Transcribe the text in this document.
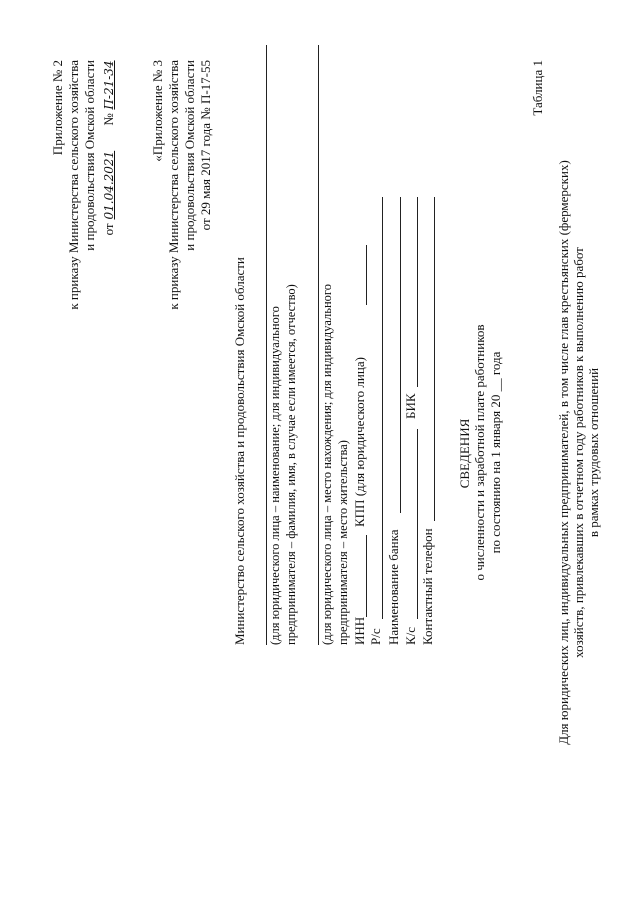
Приложение № 2 к приказу Министерства сельского хозяйства и продовольствия Омской области от 01.04.2021  № П-21-34	«Приложение № 3 к приказу Министерства сельского хозяйства и продовольствия Омской области от 29 мая 2017 года № П-17-55
Министерство сельского хозяйства и продовольствия Омской области (для юридического лица – наименование; для индивидуального предпринимателя – фамилия, имя, в случае если имеется, отчество) (для юридического лица – место нахождения; для индивидуального предпринимателя – место жительства) ИНН
КПП (для юридического лица)
Р/с Наименование банка К/с
БИК
Контактный телефон
СВЕДЕНИЯ о численности и заработной плате работников по состоянию на 1 января 20 __ года
Таблица 1
Для юридических лиц, индивидуальных предпринимателей, в том числе глав крестьянских (фермерских) хозяйств, привлекавших в отчетном году работников к выполнению работ в рамках трудовых отношений
